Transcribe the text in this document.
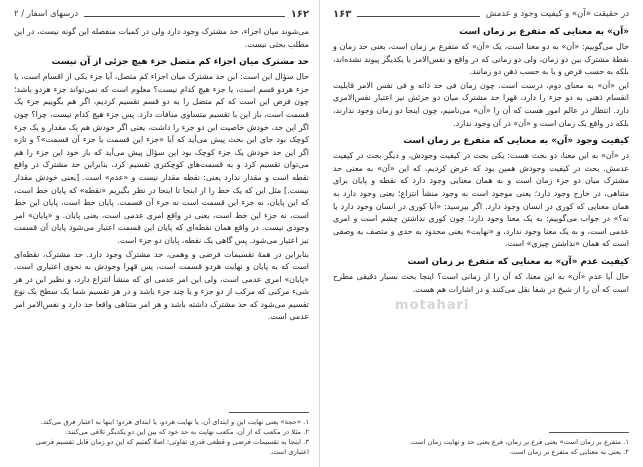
۱۶۲
درسهای اسفار / ۲

می‌شوند میان اجزاء، حد مشترک وجود دارد ولی در کمیات منفصله این گونه نیست، در این مطلب بحثی نیست.

حد مشترک میان اجزاء کم متصل جزء هیچ جزئی از آن نیست

حال سؤال این است: این حد مشترک میان اجزاء کم متصل، آیا جزء یکی از اقسام است، یا جزء هردو قسم است، یا جزء هیچ کدام نیست؟ معلوم است که نمی‌تواند جزء هردو باشد؛ چون فرض این است که کم متصل را به دو قسم تقسیم کردیم، اگر هم بگوییم جزء یک قسمت است، باز این با تقسیم متساوی منافات دارد. پس جزء هیچ کدام نیست، چرا؟ چون اگر این حد، خودش خاصیت این دو جزء را داشت، یعنی اگر خودش هم یک مقدار و یک جزء کوچک بود جای این بحث پیش می‌آید که آیا «جزء این قسمت یا جزء آن قسمت»؟ و تازه اگر این حد خودش یک جزء کوچک بود این سؤال پیش می‌آید که باز خود این جزء را هم می‌توان تقسیم کرد و به قسمت‌های کوچکتری تقسیم کرد، بنابراین حد مشترک در واقع نقطه است و مقدار ندارد یعنی: نقطه مقدار نیست و «عدم» است. [یعنی خودش مقدار نیست.] مثل این که یک خط را از اینجا تا اینجا در نظر بگیریم «نقطه» که پایان خط است، که این پایان، نه جزء این قسمت است نه جزء آن قسمت. پایان خط است، پایان این خط است، نه جزء این خط است، یعنی در واقع امری عدمی است، یعنی پایان. و «پایان» امر وجودی نیست. در واقع همان نقطه‌ای که پایان این قسمت اعتبار می‌شود پایان آن قسمت نیز اعتبار می‌شود. پس گاهی یک نقطه، پایان دو جزء است.

بنابراین در همهٔ تقسیمات فرضی و وهمی، حد مشترک وجود دارد. حد مشترک، نقطه‌ای است که به پایان و نهایت هردو قسمت است، پس قهرا وجودش به نحوی اعتباری است. «پایان» امری عدمی است، ولی این امر عدمی ای که منشأ انتزاع دارد، و نظیر این در هر شیء مرکبی که مرکب از دو جزء و یا چند جزء باشد و در هر تقسیم شما یک سطح یک نوع تقسیم می‌شود که حد مشترک داشته باشد و هر امر متناهی واقعا حد دارد و نفس‌الامر امر عدمی است.

۱. «حجة» یعنی نهایت این و ابتدای آن، یا نهایت هردو، یا ابتدای هردو؛ اینها به اعتبار فرق می‌کند.

۲. مثلا در مکعب که از آن، مکعب نهایت به حد خود که بین این دو یکدیگر تلاقی می‌کنند.

۳. اینجا به تقسیمات فرضی و قطعی قدری تفاوتی؛ اصلا گفتیم که این دو زمان قابل تقسیم فرضی اعتباری است.

در حقیقت «آن» و کیفیت وجود و عدمش
۱۶۳
«آن» به معنایی که متفرع بر زمان است

حال می‌گوییم: «آن» به دو معنا است، یک «آن» که متفرع بر زمان است، یعنی حد زمان و نقطهٔ مشترک بین دو زمان، ولی دو زمانی که در واقع و نفس‌الامر با یکدیگر پیوند نشده‌اند، بلکه به حسب فرض و یا به حسب ذهن دو زمانند.

این «آن» به معنای دوم، درست است. چون زمان فی حد ذاته و فی نفس الامر قابلیت انقسام ذهنی به دو جزء را دارد، قهرا حد مشترک میان دو جزئش نیز اعتبار نفس‌الامری دارد. انتظار در عالم امور هست که آن را «آن» می‌نامیم، چون اینجا دو زمان وجود ندارند، بلکه در واقع یک زمان است و «آن» در آن وجود ندارد.

کیفیت وجود «آن» به معنایی که متفرع بر زمان است

در «آن» به این معنا، دو بحث هست: یکی بحث در کیفیت وجودش، و دیگر بحث در کیفیت عدمش. بحث در کیفیت وجودش همین بود که عرض کردیم، که این «آن» به معنی حد مشترک میان دو جزء زمان است و به همان معنایی وجود دارد که نقطه و پایان برای متناهی، در خارج وجود دارد؛ یعنی موجود است به وجود منشأ انتزاع؛ یعنی وجود دارد به همان معنایی که کوری در انسان وجود دارد. اگر بپرسید: «آیا کوری در انسان وجود دارد یا نه؟» در جواب می‌گوییم: به یک معنا وجود دارد؛ چون کوری نداشتن چشم است و امری عدمی است، و به یک معنا وجود ندارد، و «نهایت» یعنی محدود به حدی و متصف به وصفی است که همان «نداشتن چیزی» است.

کیفیت عدم «آن» به معنایی که متفرع بر زمان است

حال آیا عدم «آن» به این معنا، که آن را از زمانی است؟ اینجا بحث بسیار دقیقی مطرح است که آن را از شیخ در شفا نقل می‌کنند و در اشارات هم هست.

۱. متفرع بر زمان است» یعنی فرع بر زمان، فرع یعنی حد و نهایت زمان است.

۲. یعنی به معنایی که متفرع بر زمان است.

motahari
